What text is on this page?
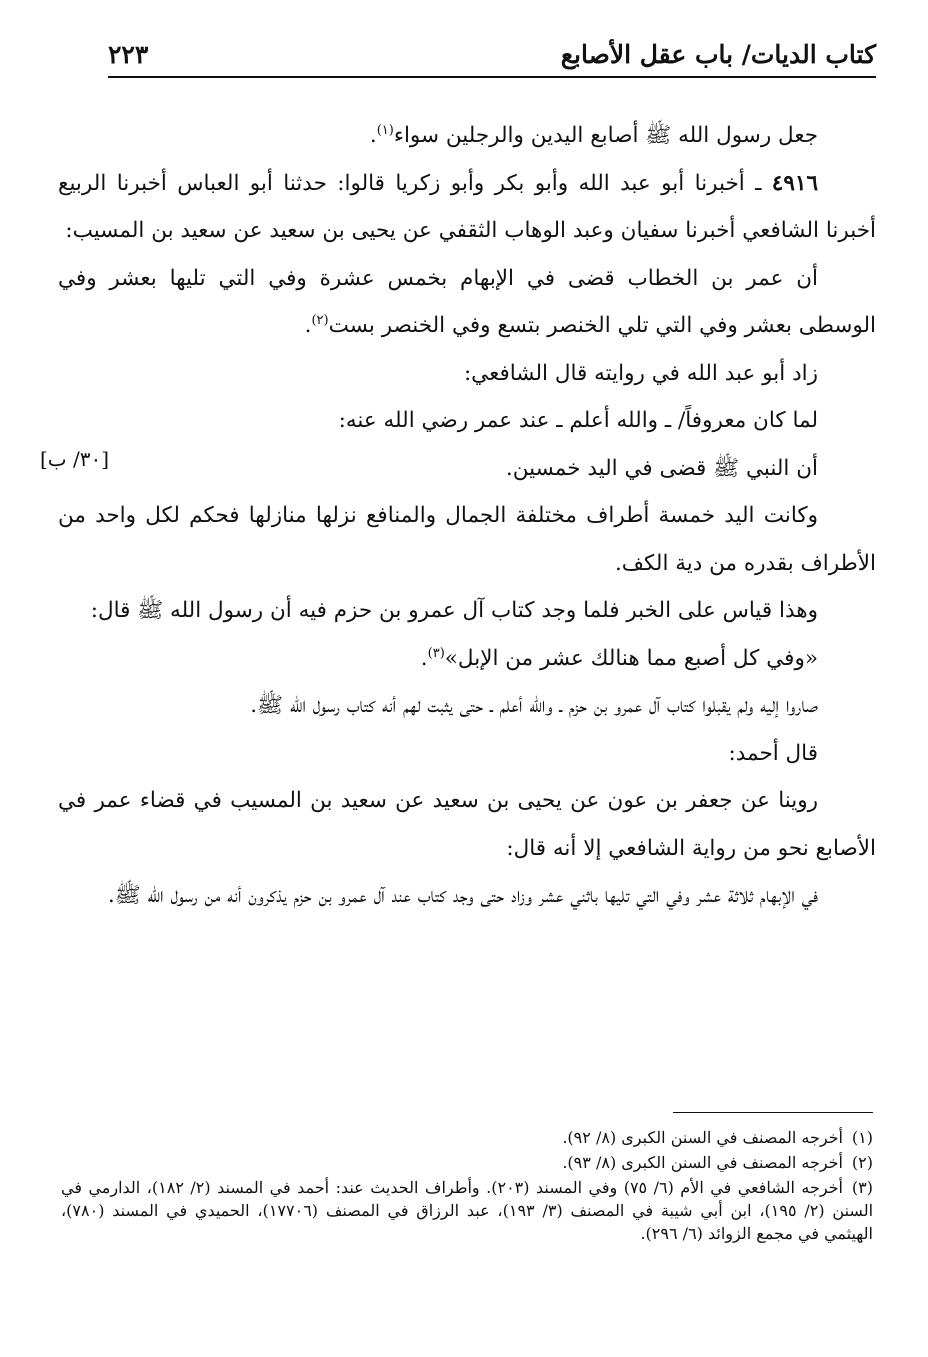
كتاب الديات/ باب عقل الأصابع
٢٢٣
[٣٠/ ب]

جعل رسول الله ﷺ أصابع اليدين والرجلين سواء$^{(١)}$.

٤٩١٦ ـ أخبرنا أبو عبد الله وأبو بكر وأبو زكريا قالوا: حدثنا أبو العباس أخبرنا الربيع أخبرنا الشافعي أخبرنا سفيان وعبد الوهاب الثقفي عن يحيى بن سعيد عن سعيد بن المسيب:

أن عمر بن الخطاب قضى في الإبهام بخمس عشرة وفي التي تليها بعشر وفي الوسطى بعشر وفي التي تلي الخنصر بتسع وفي الخنصر بست$^{(٢)}$.

زاد أبو عبد الله في روايته قال الشافعي:

لما كان معروفاً/ ـ والله أعلم ـ عند عمر رضي الله عنه:

أن النبي ﷺ قضى في اليد خمسين.

وكانت اليد خمسة أطراف مختلفة الجمال والمنافع نزلها منازلها فحكم لكل واحد من الأطراف بقدره من دية الكف.

وهذا قياس على الخبر فلما وجد كتاب آل عمرو بن حزم فيه أن رسول الله ﷺ قال:

«وفي كل أصبع مما هنالك عشر من الإبل»$^{(٣)}$.

صاروا إليه ولم يقبلوا كتاب آل عمرو بن حزم ـ والله أعلم ـ حتى يثبت لهم أنه كتاب رسول الله ﷺ.

قال أحمد:

روينا عن جعفر بن عون عن يحيى بن سعيد عن سعيد بن المسيب في قضاء عمر في الأصابع نحو من رواية الشافعي إلا أنه قال:

في الإبهام ثلاثة عشر وفي التي تليها باثني عشر وزاد حتى وجد كتاب عند آل عمرو بن حزم يذكرون أنه من رسول الله ﷺ.

(١)أخرجه المصنف في السنن الكبرى (٨/ ٩٢).

(٢)أخرجه المصنف في السنن الكبرى (٨/ ٩٣).

(٣)أخرجه الشافعي في الأم (٦/ ٧٥) وفي المسند (٢٠٣). وأطراف الحديث عند: أحمد في المسند (٢/ ١٨٢)، الدارمي في السنن (٢/ ١٩٥)، ابن أبي شيبة في المصنف (٣/ ١٩٣)، عبد الرزاق في المصنف (١٧٧٠٦)، الحميدي في المسند (٧٨٠)، الهيثمي في مجمع الزوائد (٦/ ٢٩٦).
